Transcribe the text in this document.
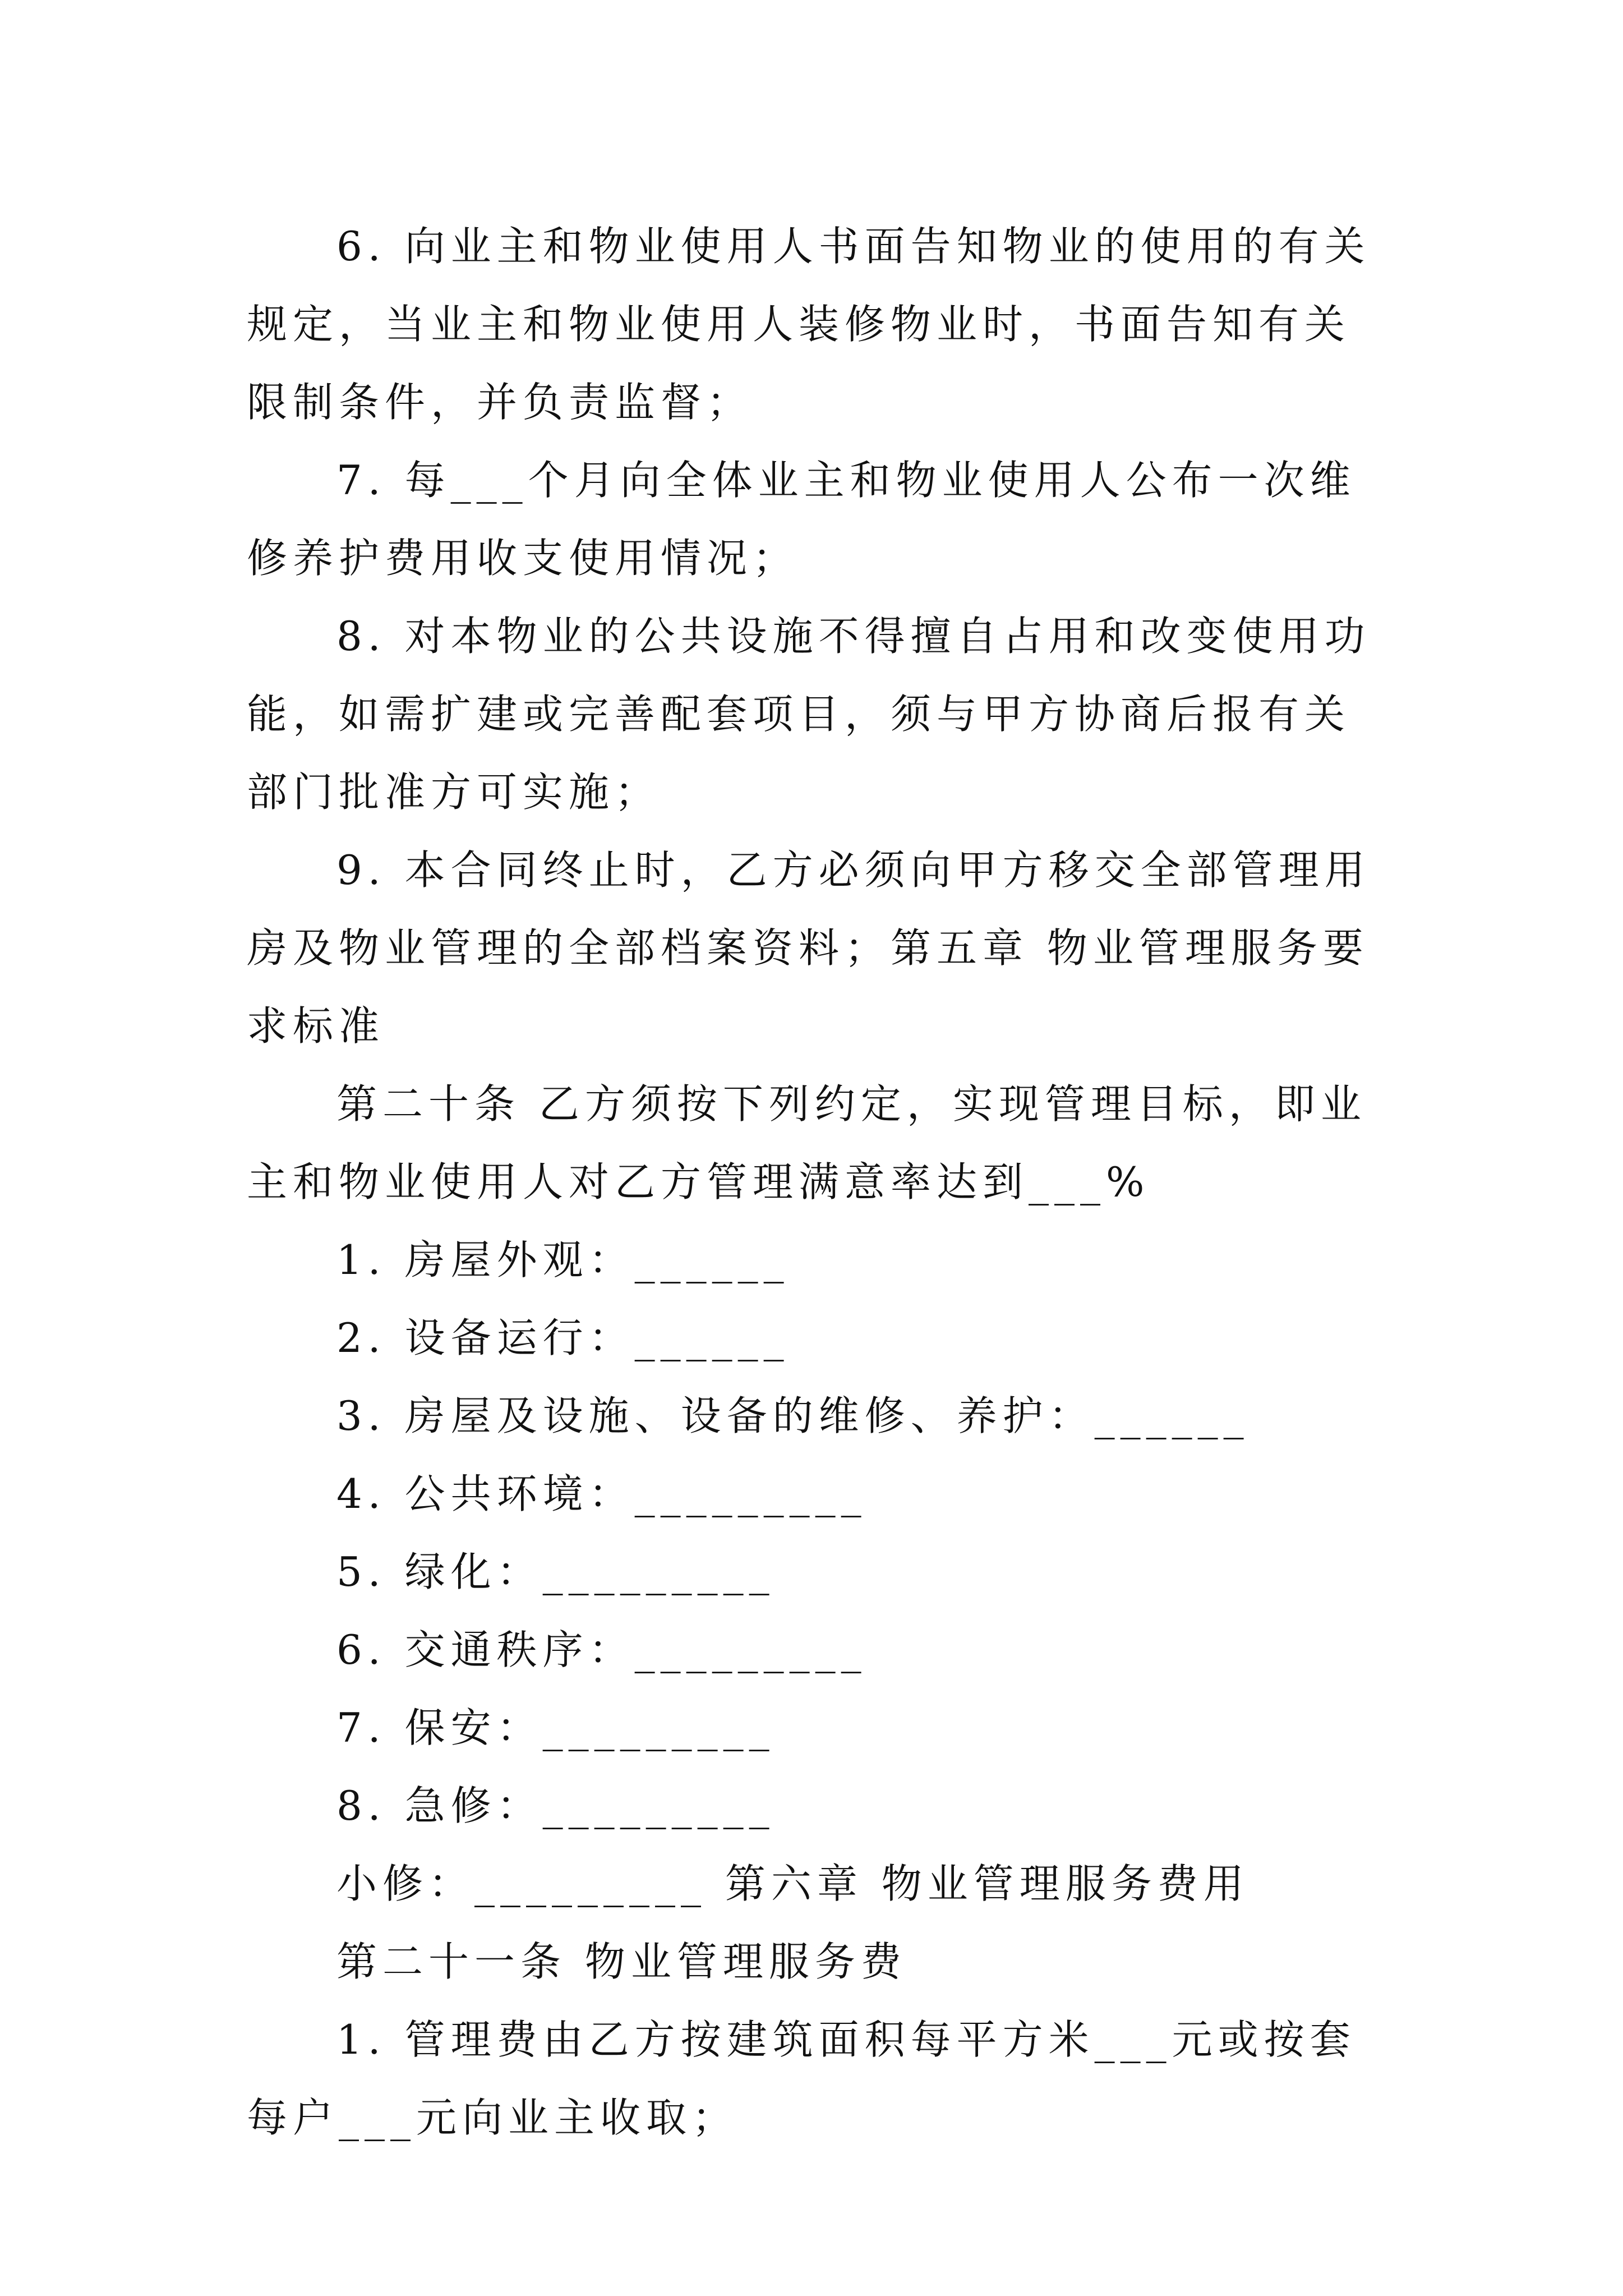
6. 向业主和物业使用人书面告知物业的使用的有关规定，当业主和物业使用人装修物业时，书面告知有关限制条件，并负责监督；

7. 每___个月向全体业主和物业使用人公布一次维修养护费用收支使用情况；

8. 对本物业的公共设施不得擅自占用和改变使用功能，如需扩建或完善配套项目，须与甲方协商后报有关部门批准方可实施；

9. 本合同终止时，乙方必须向甲方移交全部管理用房及物业管理的全部档案资料；第五章 物业管理服务要求标准

第二十条 乙方须按下列约定，实现管理目标，即业主和物业使用人对乙方管理满意率达到___%

1. 房屋外观：______

2. 设备运行：______

3. 房屋及设施、设备的维修、养护：______

4. 公共环境：_________

5. 绿化：_________

6. 交通秩序：_________

7. 保安：_________

8. 急修：_________

小修：_________ 第六章 物业管理服务费用

第二十一条 物业管理服务费

1. 管理费由乙方按建筑面积每平方米___元或按套每户___元向业主收取；
